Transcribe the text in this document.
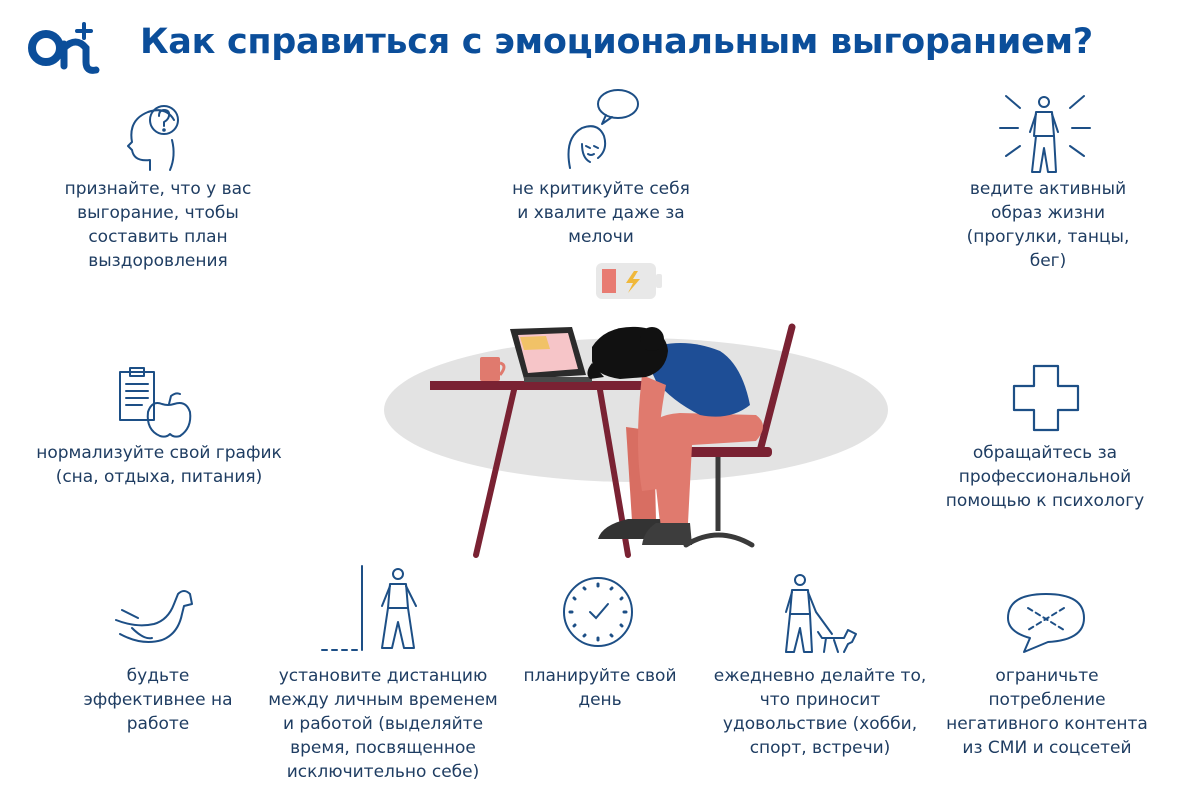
Как справиться с эмоциональным выгоранием?
признайте, что у вас выгорание, чтобы составить план выздоровления
не критикуйте себя и хвалите даже за мелочи
ведите активный образ жизни (прогулки, танцы, бег)
нормализуйте свой график (сна, отдыха, питания)
обращайтесь за профессиональной помощью к психологу
будьте эффективнее на работе
установите дистанцию между личным временем и работой (выделяйте время, посвященное исключительно себе)
планируйте свой день
ежедневно делайте то, что приносит удовольствие (хобби, спорт, встречи)
ограничьте потребление негативного контента из СМИ и соцсетей
